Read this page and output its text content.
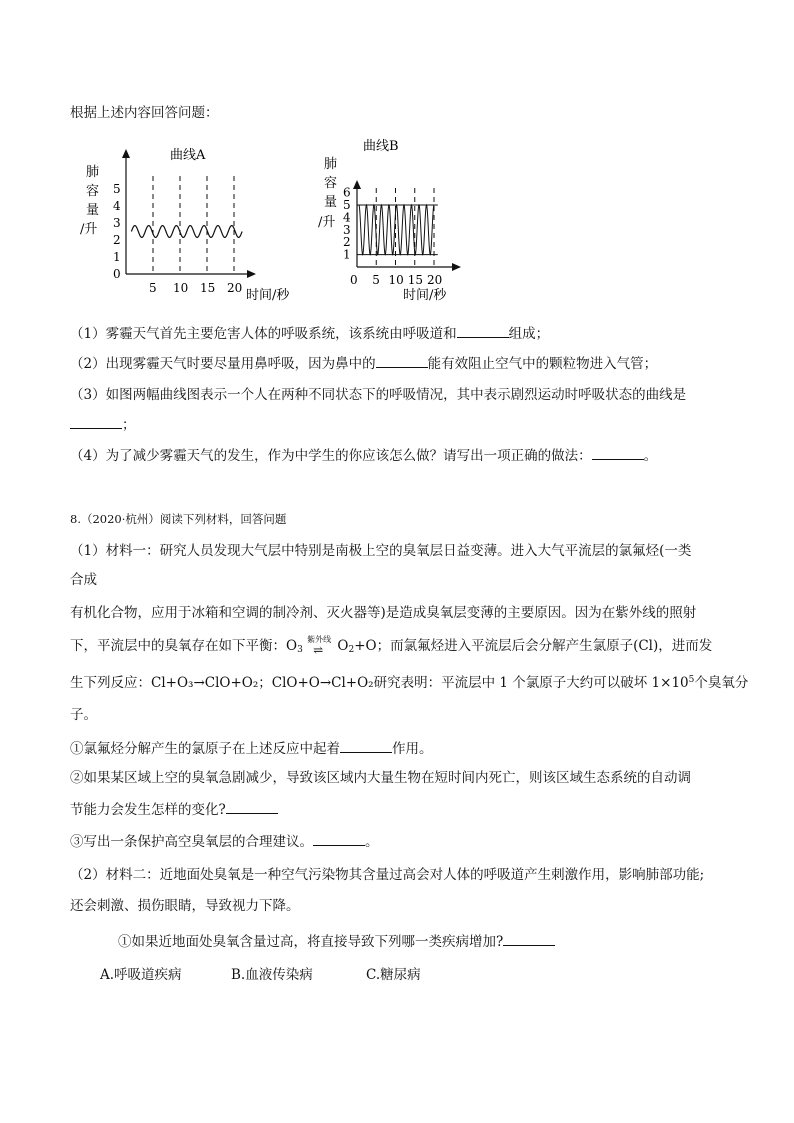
根据上述内容回答问题：
曲线A
肺
容
量
/升
0
1
2
3
4
5
5 10 15 20 时间/秒
曲线B
肺
容
量
/升
1
2
3
4
5
6
0 5 10 15 20
时间/秒
（1）雾霾天气首先主要危害人体的呼吸系统，该系统由呼吸道和	组成；
（2）出现雾霾天气时要尽量用鼻呼吸，因为鼻中的	能有效阻止空气中的颗粒物进入气管；
（3）如图两幅曲线图表示一个人在两种不同状态下的呼吸情况，其中表示剧烈运动时呼吸状态的曲线是
；
（4）为了减少雾霾天气的发生，作为中学生的你应该怎么做？请写出一项正确的做法：	。
8.（2020·杭州）阅读下列材料，回答问题
（1）材料一：研究人员发现大气层中特别是南极上空的臭氧层日益变薄。进入大气平流层的氯氟烃(一类
合成
有机化合物，应用于冰箱和空调的制冷剂、灭火器等)是造成臭氧层变薄的主要原因。因为在紫外线的照射
下，平流层中的臭氧存在如下平衡：$O_3$
紫外线
⇌ $O_2+O$；而氯氟烃进入平流层后会分解产生氯原子(Cl)，进而发
生下列反应：Cl+O₃→ClO+O₂；ClO+O→Cl+O₂研究表明：平流层中 1 个氯原子大约可以破坏 $1\times 10^5$个臭氧分
子。
①氯氟烃分解产生的氯原子在上述反应中起着	作用。
②如果某区域上空的臭氧急剧减少，导致该区域内大量生物在短时间内死亡，则该区域生态系统的自动调
节能力会发生怎样的变化?
③写出一条保护高空臭氧层的合理建议。	。
（2）材料二：近地面处臭氧是一种空气污染物其含量过高会对人体的呼吸道产生刺激作用，影响肺部功能;
还会刺激、损伤眼睛，导致视力下降。
①如果近地面处臭氧含量过高，将直接导致下列哪一类疾病增加?
A.呼吸道疾病	B.血液传染病	C.糖尿病
